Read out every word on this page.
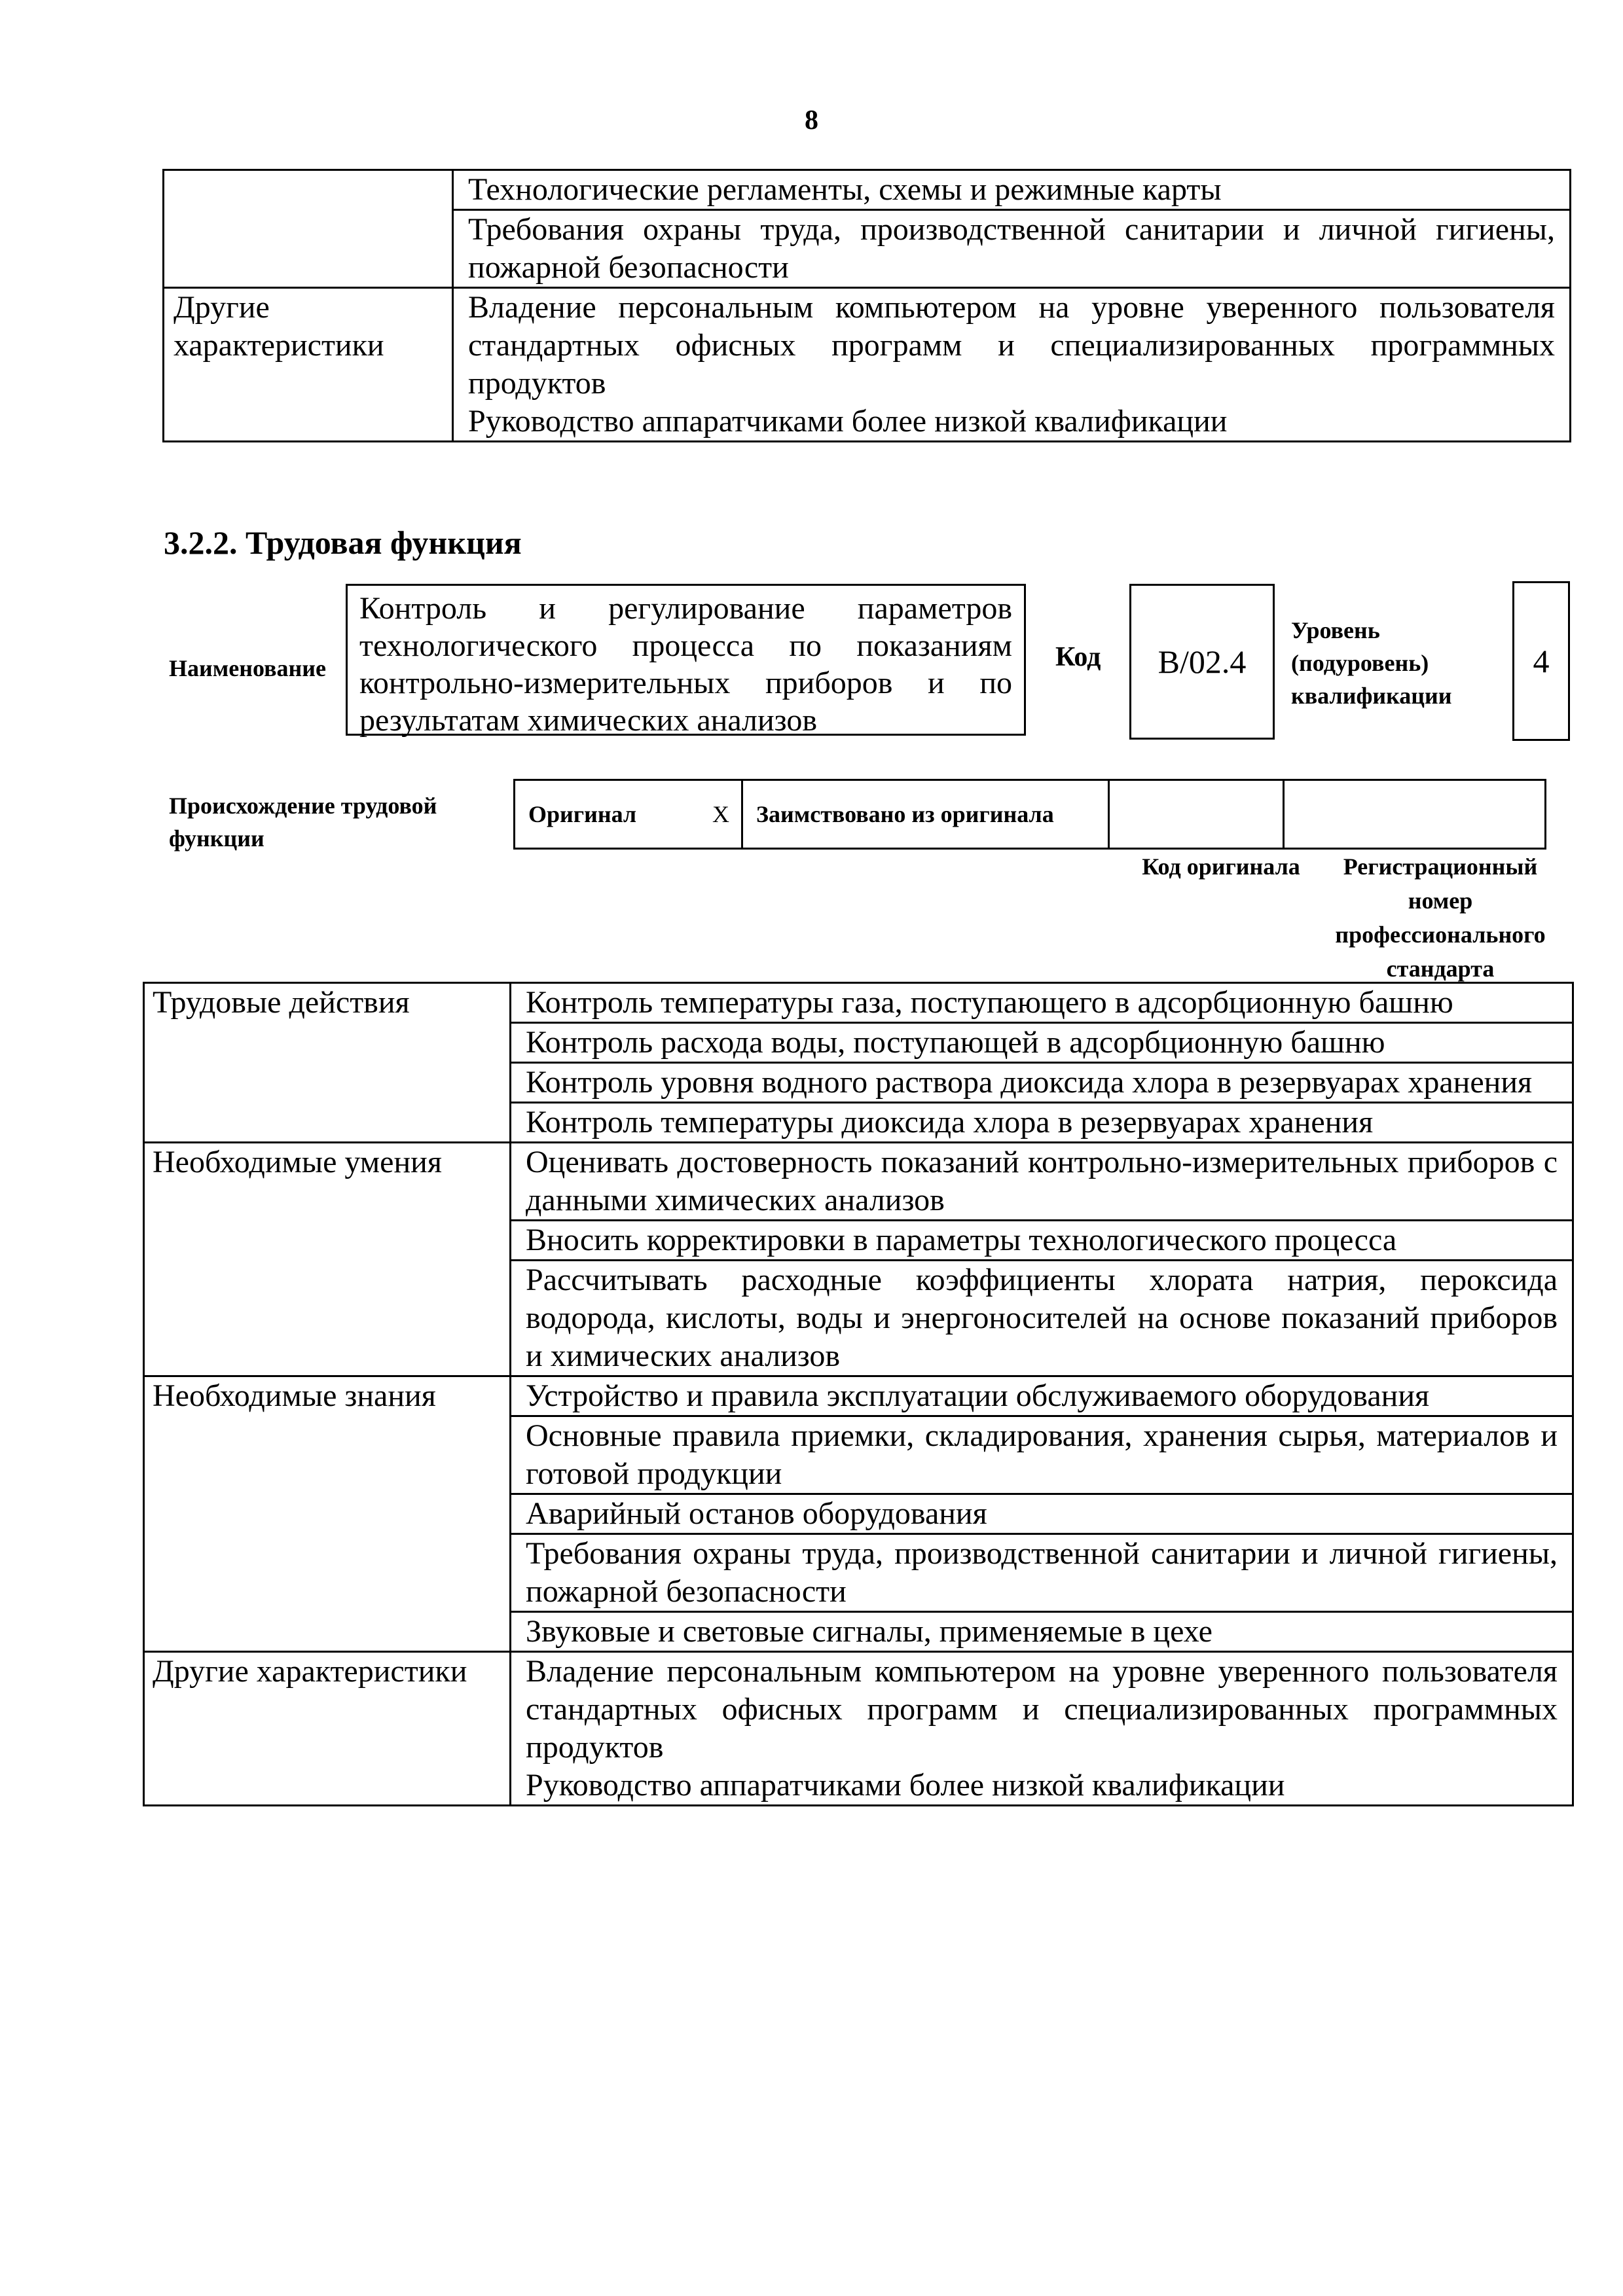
8
	Технологические регламенты, схемы и режимные карты
	Требования охраны труда, производственной санитарии и личной гигиены, пожарной безопасности
Другие характеристики	Владение персональным компьютером на уровне уверенного пользователя стандартных офисных программ и специализированных программных продуктов
	Руководство аппаратчиками более низкой квалификации
3.2.2. Трудовая функция
Наименование
Контроль и регулирование параметров технологического процесса по показаниям контрольно-измерительных приборов и по результатам химических анализов
Код	B/02.4
Уровень (подуровень) квалификации
4
Происхождение трудовой функции
Оригинал	X	Заимствовано из оригинала		
Код оригинала	Регистрационный номер профессионального стандарта
Трудовые действия	Контроль температуры газа, поступающего в адсорбционную башню
	Контроль расхода воды, поступающей в адсорбционную башню
	Контроль уровня водного раствора диоксида хлора в резервуарах хранения
	Контроль температуры диоксида хлора в резервуарах хранения
Необходимые умения	Оценивать достоверность показаний контрольно-измерительных приборов с данными химических анализов
	Вносить корректировки в параметры технологического процесса
	Рассчитывать расходные коэффициенты хлората натрия, пероксида водорода, кислоты, воды и энергоносителей на основе показаний приборов и химических анализов
Необходимые знания	Устройство и правила эксплуатации обслуживаемого оборудования
	Основные правила приемки, складирования, хранения сырья, материалов и готовой продукции
	Аварийный останов оборудования
	Требования охраны труда, производственной санитарии и личной гигиены, пожарной безопасности
	Звуковые и световые сигналы, применяемые в цехе
Другие характеристики	Владение персональным компьютером на уровне уверенного пользователя стандартных офисных программ и специализированных программных продуктов
	Руководство аппаратчиками более низкой квалификации
